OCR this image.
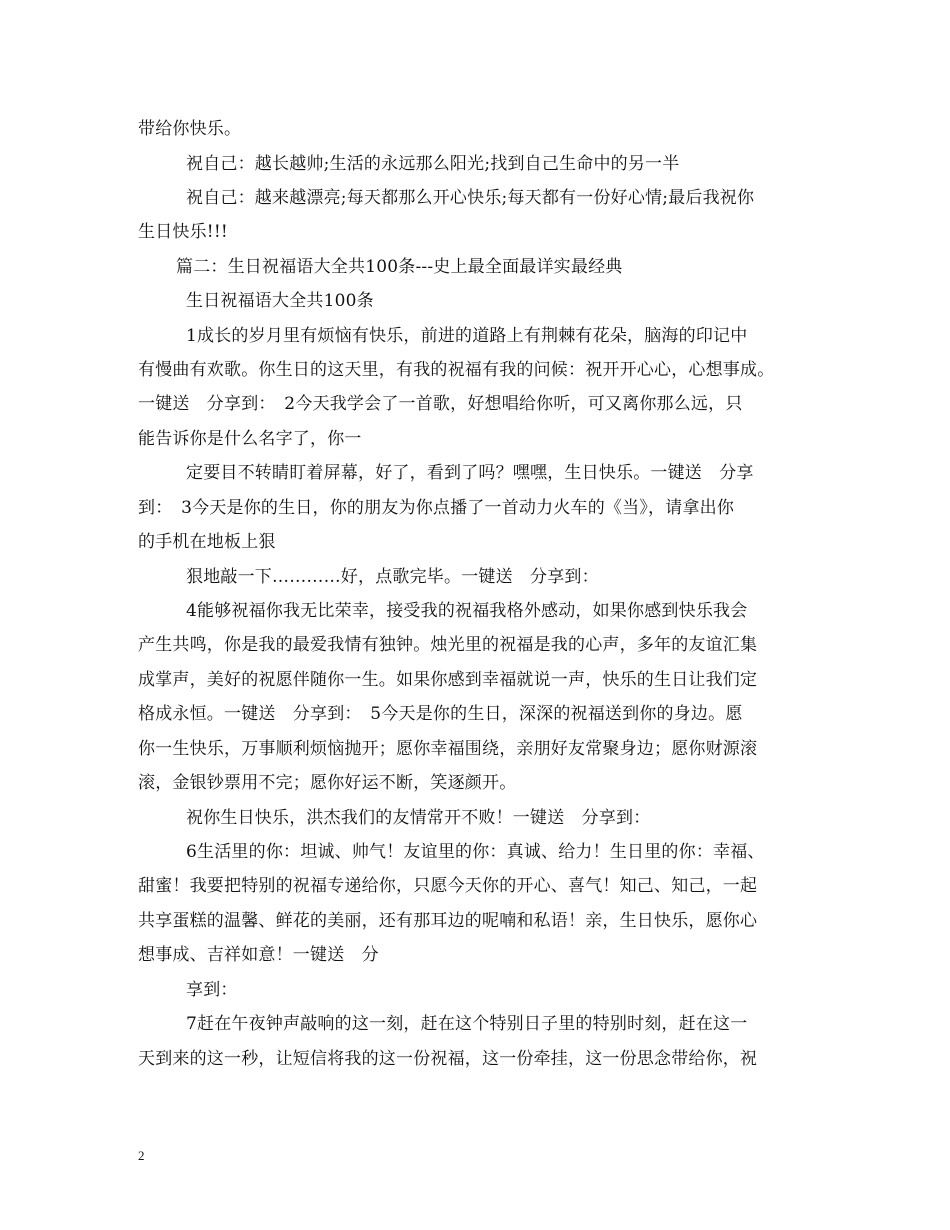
带给你快乐。
祝自己：越长越帅;生活的永远那么阳光;找到自己生命中的另一半
祝自己：越来越漂亮;每天都那么开心快乐;每天都有一份好心情;最后我祝你
生日快乐!!!
篇二：生日祝福语大全共100条---史上最全面最详实最经典
生日祝福语大全共100条
1成长的岁月里有烦恼有快乐，前进的道路上有荆棘有花朵，脑海的印记中
有慢曲有欢歌。你生日的这天里，有我的祝福有我的问候：祝开开心心，心想事成。
一键送　分享到：　2今天我学会了一首歌，好想唱给你听，可又离你那么远，只
能告诉你是什么名字了，你一
定要目不转睛盯着屏幕，好了，看到了吗？嘿嘿，生日快乐。一键送　分享
到：　3今天是你的生日，你的朋友为你点播了一首动力火车的《当》，请拿出你
的手机在地板上狠
狠地敲一下…………好，点歌完毕。一键送　分享到：
4能够祝福你我无比荣幸，接受我的祝福我格外感动，如果你感到快乐我会
产生共鸣，你是我的最爱我情有独钟。烛光里的祝福是我的心声，多年的友谊汇集
成掌声，美好的祝愿伴随你一生。如果你感到幸福就说一声，快乐的生日让我们定
格成永恒。一键送　分享到：　5今天是你的生日，深深的祝福送到你的身边。愿
你一生快乐，万事顺利烦恼抛开；愿你幸福围绕，亲朋好友常聚身边；愿你财源滚
滚，金银钞票用不完；愿你好运不断，笑逐颜开。
祝你生日快乐，洪杰我们的友情常开不败！一键送　分享到：
6生活里的你：坦诚、帅气！友谊里的你：真诚、给力！生日里的你：幸福、
甜蜜！我要把特别的祝福专递给你，只愿今天你的开心、喜气！知己、知己，一起
共享蛋糕的温馨、鲜花的美丽，还有那耳边的呢喃和私语！亲，生日快乐，愿你心
想事成、吉祥如意！一键送　分
享到：
7赶在午夜钟声敲响的这一刻，赶在这个特别日子里的特别时刻，赶在这一
天到来的这一秒，让短信将我的这一份祝福，这一份牵挂，这一份思念带给你，祝
2
